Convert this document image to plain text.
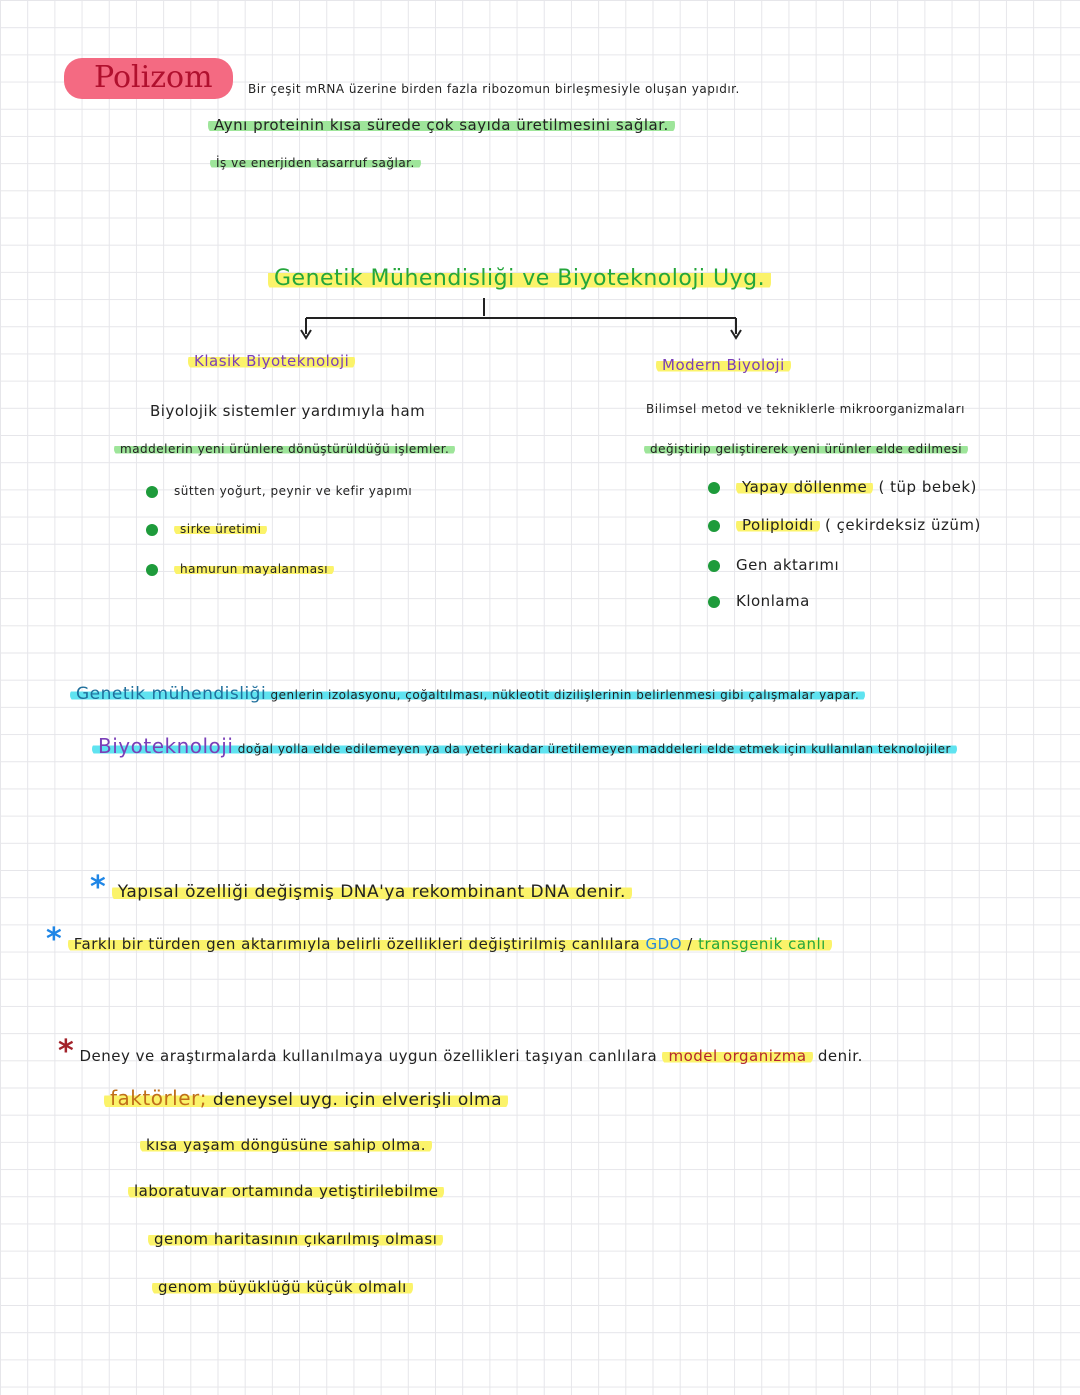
Polizom	Bir çeşit mRNA üzerine birden fazla ribozomun birleşmesiyle oluşan yapıdır.
Aynı proteinin kısa sürede çok sayıda üretilmesini sağlar.
İş ve enerjiden tasarruf sağlar.
Genetik Mühendisliği ve Biyoteknoloji Uyg.
Klasik Biyoteknoloji
Biyolojik sistemler yardımıyla ham
maddelerin yeni ürünlere dönüştürüldüğü işlemler.
sütten yoğurt, peynir ve kefir yapımı
sirke üretimi
hamurun mayalanması
Modern Biyoloji
Bilimsel metod ve tekniklerle mikroorganizmaları
değiştirip geliştirerek yeni ürünler elde edilmesi
Yapay döllenme ( tüp bebek)
Poliploidi ( çekirdeksiz üzüm)
Gen aktarımı
Klonlama
Genetik mühendisliği genlerin izolasyonu, çoğaltılması, nükleotit dizilişlerinin belirlenmesi gibi çalışmalar yapar.
Biyoteknoloji doğal yolla elde edilemeyen ya da yeteri kadar üretilemeyen maddeleri elde etmek için kullanılan teknolojiler
* Yapısal özelliği değişmiş DNA'ya rekombinant DNA denir.
* Farklı bir türden gen aktarımıyla belirli özellikleri değiştirilmiş canlılara GDO / transgenik canlı
* Deney ve araştırmalarda kullanılmaya uygun özellikleri taşıyan canlılara model organizma denir.
faktörler; deneysel uyg. için elverişli olma
kısa yaşam döngüsüne sahip olma.
laboratuvar ortamında yetiştirilebilme
genom haritasının çıkarılmış olması
genom büyüklüğü küçük olmalı
